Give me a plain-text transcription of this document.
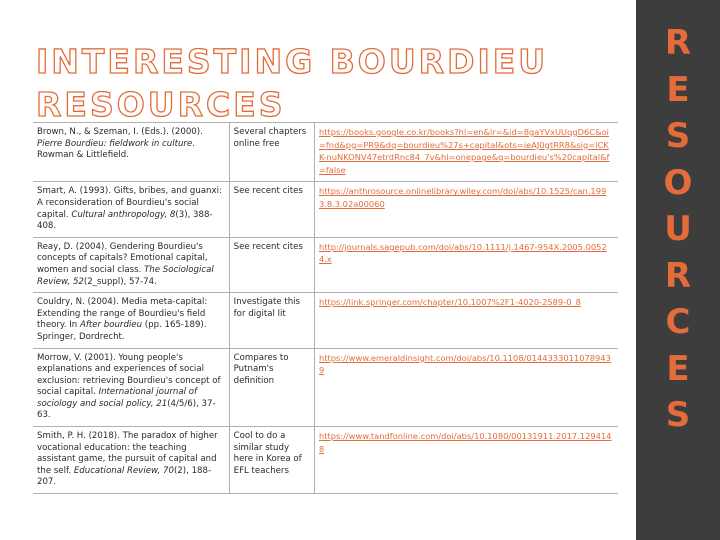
INTERESTING BOURDIEU RESOURCES
Brown, N., & Szeman, I. (Eds.). (2000). Pierre Bourdieu: fieldwork in culture. Rowman & Littlefield.	Several chapters online free	https://books.google.co.kr/books?hl=en&lr=&id=8gaYVxUUqgD6C&oi=fnd&pg=PR9&dq=bourdieu%27s+capital&ots=ieAJ0gtRR8&sig=lCKK-nuNKONV47etrdRnc84_7v&hl=onepage&q=bourdieu's%20capital&f=false
Smart, A. (1993). Gifts, bribes, and guanxi: A reconsideration of Bourdieu's social capital. Cultural anthropology, 8(3), 388-408.	See recent cites	https://anthrosource.onlinelibrary.wiley.com/doi/abs/10.1525/can.1993.8.3.02a00060
Reay, D. (2004). Gendering Bourdieu's concepts of capitals? Emotional capital, women and social class. The Sociological Review, 52(2_suppl), 57-74.	See recent cites	http://journals.sagepub.com/doi/abs/10.1111/j.1467-954X.2005.00524.x
Couldry, N. (2004). Media meta-capital: Extending the range of Bourdieu's field theory. In After bourdieu (pp. 165-189). Springer, Dordrecht.	Investigate this for digital lit	https://link.springer.com/chapter/10.1007%2F1-4020-2589-0_8
Morrow, V. (2001). Young people's explanations and experiences of social exclusion: retrieving Bourdieu's concept of social capital. International journal of sociology and social policy, 21(4/5/6), 37-63.	Compares to Putnam's definition	https://www.emeraldinsight.com/doi/abs/10.1108/01443330110789439
Smith, P. H. (2018). The paradox of higher vocational education: the teaching assistant game, the pursuit of capital and the self. Educational Review, 70(2), 188-207.	Cool to do a similar study here in Korea of EFL teachers	https://www.tandfonline.com/doi/abs/10.1080/00131911.2017.1294148
R
E
S
O
U
R
C
E
S
